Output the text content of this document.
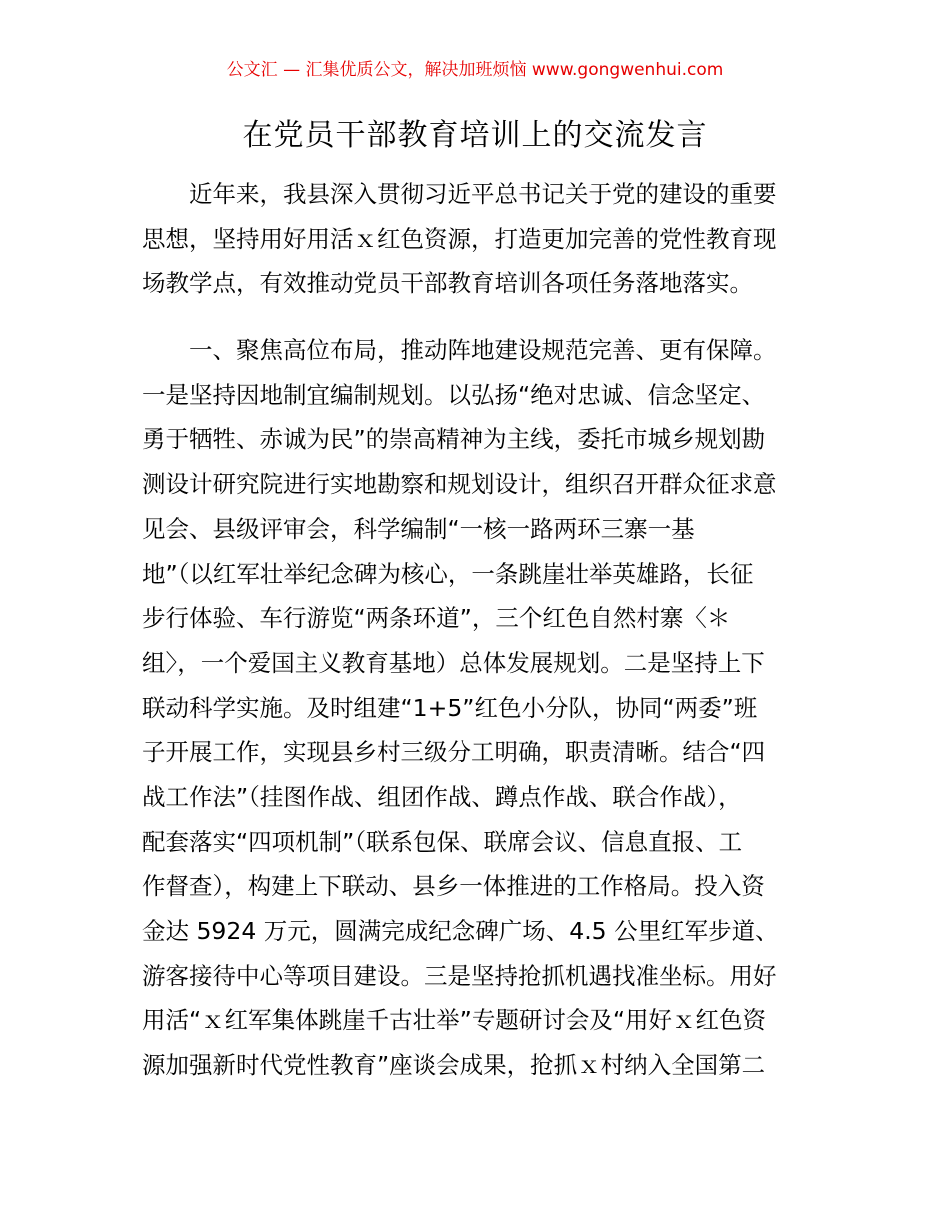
公文汇 — 汇集优质公文，解决加班烦恼 www.gongwenhui.com
在党员干部教育培训上的交流发言
　　近年来，我县深入贯彻习近平总书记关于党的建设的重要
思想，坚持用好用活ｘ红色资源，打造更加完善的党性教育现
场教学点，有效推动党员干部教育培训各项任务落地落实。
　　一、聚焦高位布局，推动阵地建设规范完善、更有保障。
一是坚持因地制宜编制规划。以弘扬“绝对忠诚、信念坚定、
勇于牺牲、赤诚为民”的崇高精神为主线，委托市城乡规划勘
测设计研究院进行实地勘察和规划设计，组织召开群众征求意
见会、县级评审会，科学编制“一核一路两环三寨一基
地”（以红军壮举纪念碑为核心，一条跳崖壮举英雄路，长征
步行体验、车行游览“两条环道”，三个红色自然村寨〈＊
组〉，一个爱国主义教育基地）总体发展规划。二是坚持上下
联动科学实施。及时组建“1+5”红色小分队，协同“两委”班
子开展工作，实现县乡村三级分工明确，职责清晰。结合“四
战工作法”（挂图作战、组团作战、蹲点作战、联合作战），
配套落实“四项机制”（联系包保、联席会议、信息直报、工
作督查），构建上下联动、县乡一体推进的工作格局。投入资
金达 5924 万元，圆满完成纪念碑广场、4.5 公里红军步道、
游客接待中心等项目建设。三是坚持抢抓机遇找准坐标。用好
用活“ｘ红军集体跳崖千古壮举”专题研讨会及“用好ｘ红色资
源加强新时代党性教育”座谈会成果，抢抓ｘ村纳入全国第二
